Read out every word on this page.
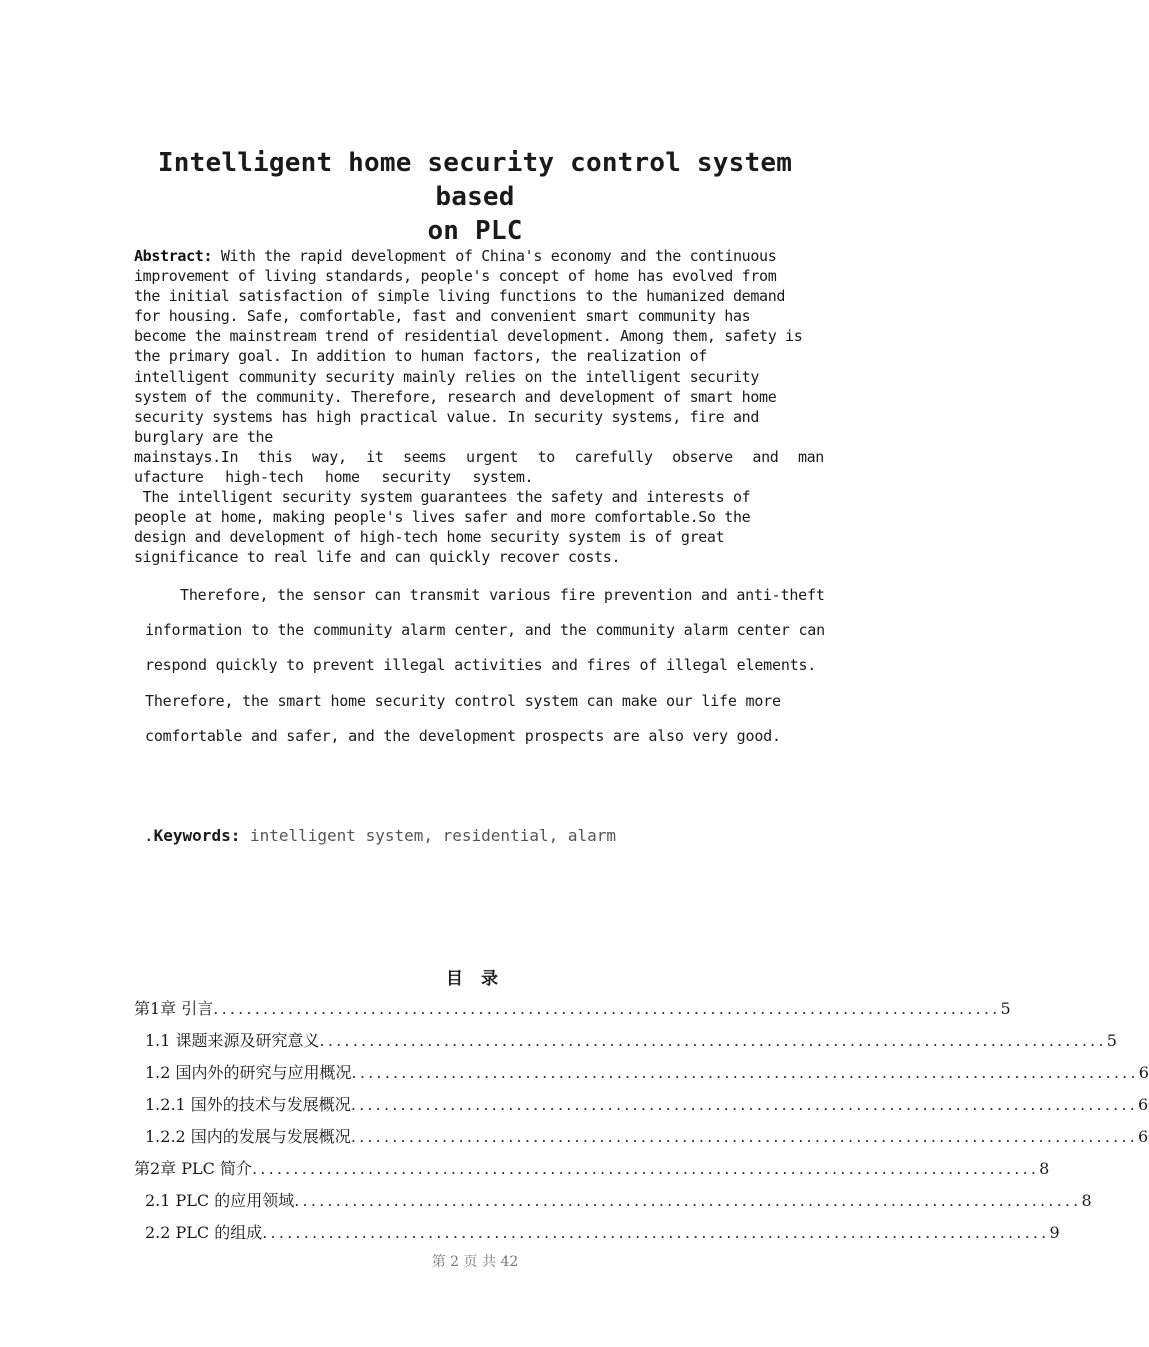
Intelligent home security control system based
on PLC

Abstract: With the rapid development of China's economy and the continuous

improvement of living standards, people's concept of home has evolved from

the initial satisfaction of simple living functions to the humanized demand

for housing. Safe, comfortable, fast and convenient smart community has

become the mainstream trend of residential development. Among them, safety is

the primary goal. In addition to human factors, the realization of

intelligent community security mainly relies on the intelligent security

system of the community. Therefore, research and development of smart home

security systems has high practical value. In security systems, fire and

burglary are the

mainstays.In this way, it seems urgent to carefully observe and man

ufacture high-tech home security system.

The intelligent security system guarantees the safety and interests of

people at home, making people's lives safer and more comfortable.So the

design and development of high-tech home security system is of great

significance to real life and can quickly recover costs.

Therefore, the sensor can transmit various fire prevention and anti-theft information to the community alarm center, and the community alarm center can respond quickly to prevent illegal activities and fires of illegal elements. Therefore, the smart home security control system can make our life more comfortable and safer, and the development prospects are also very good.

.Keywords: intelligent system, residential, alarm
目 录
第1章 引言 ............................................................................................... 5
1.1 课题来源及研究意义 ............................................................................................... 5
1.2 国内外的研究与应用概况 ............................................................................................... 6
1.2.1 国外的技术与发展概况 ............................................................................................... 6
1.2.2 国内的发展与发展概况 ............................................................................................... 6
第2章 PLC 简介 ............................................................................................... 8
2.1 PLC 的应用领域 ............................................................................................... 8
2.2 PLC 的组成 ............................................................................................... 9
第 2 页 共 42
